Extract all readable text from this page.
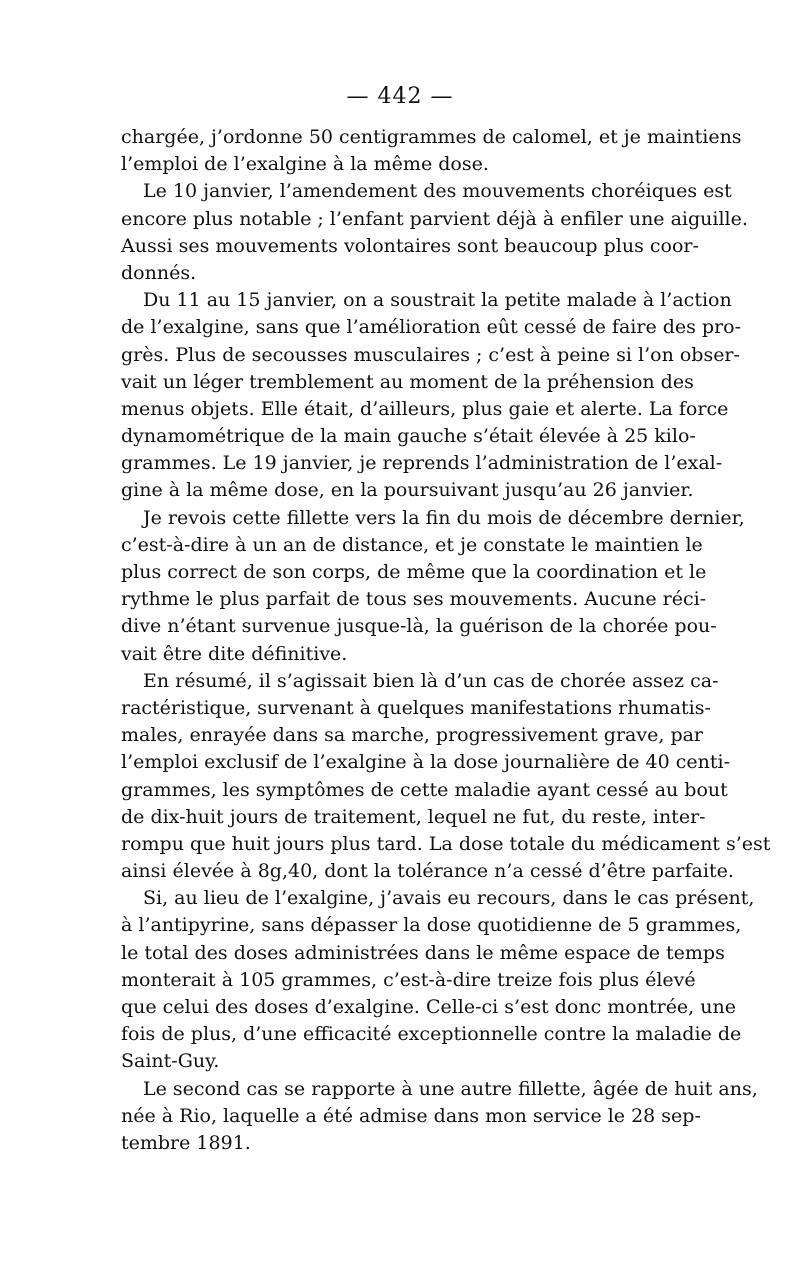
— 442 —
chargée, j’ordonne 50 centigrammes de calomel, et je maintiens
l’emploi de l’exalgine à la même dose.
Le 10 janvier, l’amendement des mouvements choréiques est
encore plus notable ; l’enfant parvient déjà à enfiler une aiguille.
Aussi ses mouvements volontaires sont beaucoup plus coor-
donnés.
Du 11 au 15 janvier, on a soustrait la petite malade à l’action
de l’exalgine, sans que l’amélioration eût cessé de faire des pro-
grès. Plus de secousses musculaires ; c’est à peine si l’on obser-
vait un léger tremblement au moment de la préhension des
menus objets. Elle était, d’ailleurs, plus gaie et alerte. La force
dynamométrique de la main gauche s’était élevée à 25 kilo-
grammes. Le 19 janvier, je reprends l’administration de l’exal-
gine à la même dose, en la poursuivant jusqu’au 26 janvier.
Je revois cette fillette vers la fin du mois de décembre dernier,
c’est-à-dire à un an de distance, et je constate le maintien le
plus correct de son corps, de même que la coordination et le
rythme le plus parfait de tous ses mouvements. Aucune réci-
dive n’étant survenue jusque-là, la guérison de la chorée pou-
vait être dite définitive.
En résumé, il s’agissait bien là d’un cas de chorée assez ca-
ractéristique, survenant à quelques manifestations rhumatis-
males, enrayée dans sa marche, progressivement grave, par
l’emploi exclusif de l’exalgine à la dose journalière de 40 centi-
grammes, les symptômes de cette maladie ayant cessé au bout
de dix-huit jours de traitement, lequel ne fut, du reste, inter-
rompu que huit jours plus tard. La dose totale du médicament s’est
ainsi élevée à 8g,40, dont la tolérance n’a cessé d’être parfaite.
Si, au lieu de l’exalgine, j’avais eu recours, dans le cas présent,
à l’antipyrine, sans dépasser la dose quotidienne de 5 grammes,
le total des doses administrées dans le même espace de temps
monterait à 105 grammes, c’est-à-dire treize fois plus élevé
que celui des doses d’exalgine. Celle-ci s’est donc montrée, une
fois de plus, d’une efficacité exceptionnelle contre la maladie de
Saint-Guy.
Le second cas se rapporte à une autre fillette, âgée de huit ans,
née à Rio, laquelle a été admise dans mon service le 28 sep-
tembre 1891.
